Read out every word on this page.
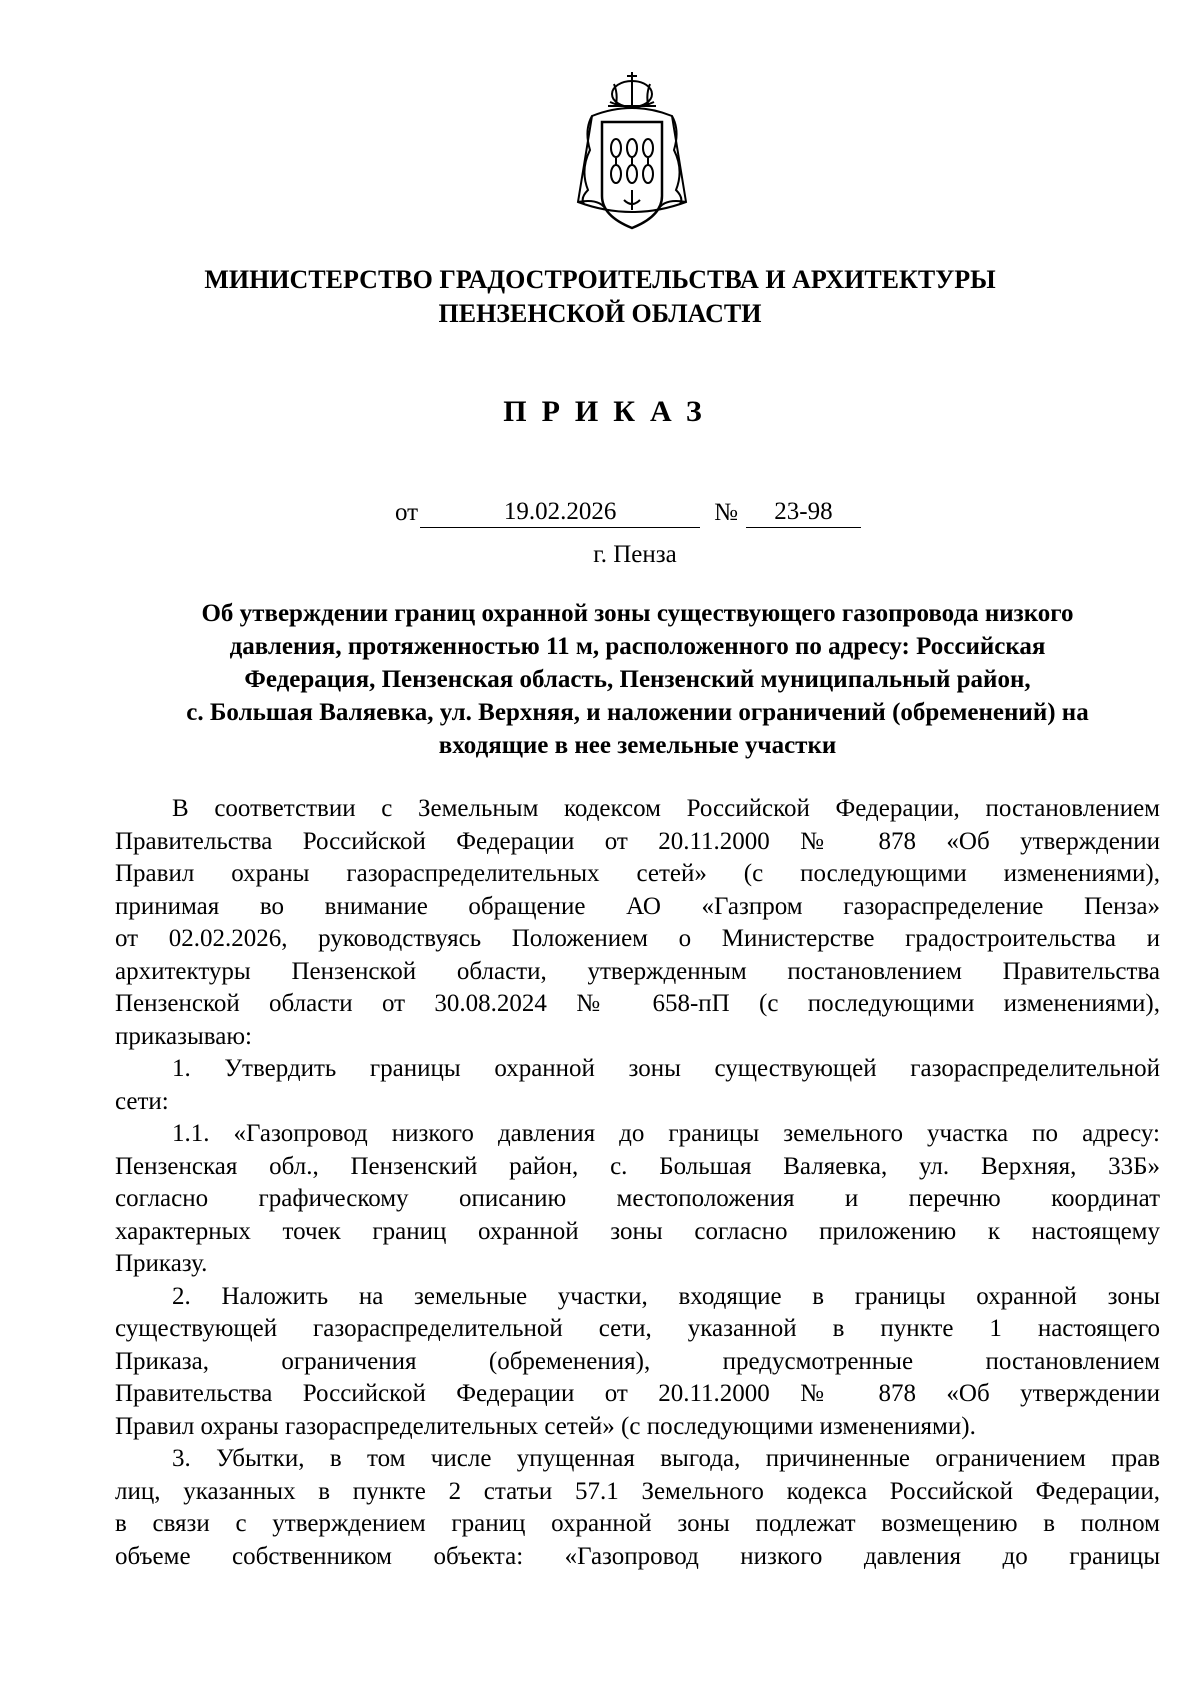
МИНИСТЕРСТВО ГРАДОСТРОИТЕЛЬСТВА И АРХИТЕКТУРЫ
ПЕНЗЕНСКОЙ ОБЛАСТИ
ПРИКАЗ
от	19.02.2026	№ 23-98
г. Пенза
Об утверждении границ охранной зоны существующего газопровода низкого
давления, протяженностью 11 м, расположенного по адресу: Российская
Федерация, Пензенская область, Пензенский муниципальный район,
с. Большая Валяевка, ул. Верхняя, и наложении ограничений (обременений) на
входящие в нее земельные участки

В соответствии с Земельным кодексом Российской Федерации, постановлением
Правительства Российской Федерации от 20.11.2000 № 878 «Об утверждении
Правил охраны газораспределительных сетей» (с последующими изменениями),
принимая во внимание обращение АО «Газпром газораспределение Пенза»
от 02.02.2026, руководствуясь Положением о Министерстве градостроительства и
архитектуры Пензенской области, утвержденным постановлением Правительства
Пензенской области от 30.08.2024 № 658-пП (с последующими изменениями),
приказываю:

1. Утвердить границы охранной зоны существующей газораспределительной
сети:

1.1. «Газопровод низкого давления до границы земельного участка по адресу:
Пензенская обл., Пензенский район, с. Большая Валяевка, ул. Верхняя, 33Б»
согласно графическому описанию местоположения и перечню координат
характерных точек границ охранной зоны согласно приложению к настоящему
Приказу.

2. Наложить на земельные участки, входящие в границы охранной зоны
существующей газораспределительной сети, указанной в пункте 1 настоящего
Приказа, ограничения (обременения), предусмотренные постановлением
Правительства Российской Федерации от 20.11.2000 № 878 «Об утверждении
Правил охраны газораспределительных сетей» (с последующими изменениями).

3. Убытки, в том числе упущенная выгода, причиненные ограничением прав
лиц, указанных в пункте 2 статьи 57.1 Земельного кодекса Российской Федерации,
в связи с утверждением границ охранной зоны подлежат возмещению в полном
объеме собственником объекта: «Газопровод низкого давления до границы
